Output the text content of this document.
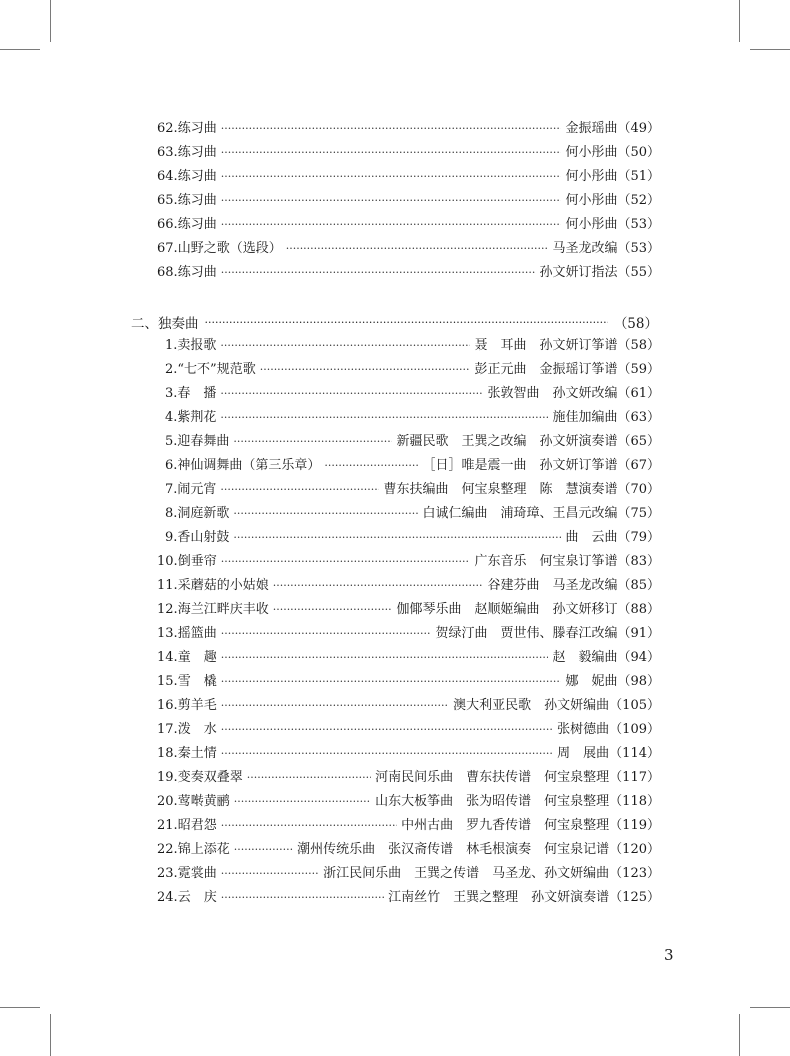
62. 练习曲 ·····	金振瑶曲 （49）
63. 练习曲 ·····	何小彤曲 （50）
64. 练习曲 ·····	何小彤曲 （51）
65. 练习曲 ·····	何小彤曲 （52）
66. 练习曲 ·····	何小彤曲 （53）
67. 山野之歌（选段） ·····	马圣龙改编 （53）
68. 练习曲 ·····	孙文妍订指法 （55）
二、独奏曲 ·····	（58）
1. 卖报歌 ·····	聂　耳曲　孙文妍订筝谱 （58）
2. “七不”规范歌 ·····	彭正元曲　金振瑶订筝谱 （59）
3. 春　播 ·····	张敦智曲　孙文妍改编 （61）
4. 紫荆花 ·····	施佳加编曲 （63）
5. 迎春舞曲 ·····	新疆民歌　王巽之改编　孙文妍演奏谱 （65）
6. 神仙调舞曲（第三乐章） ·····	［日］唯是震一曲　孙文妍订筝谱 （67）
7. 闹元宵 ·····	曹东扶编曲　何宝泉整理　陈　慧演奏谱 （70）
8. 洞庭新歌 ·····	白诚仁编曲　浦琦璋、王昌元改编 （75）
9. 香山射鼓 ·····	曲　云曲 （79）
10. 倒垂帘 ·····	广东音乐　何宝泉订筝谱 （83）
11. 采蘑菇的小姑娘 ·····	谷建芬曲　马圣龙改编 （85）
12. 海兰江畔庆丰收 ·····	伽倻琴乐曲　赵顺姬编曲　孙文妍移订 （88）
13. 摇篮曲 ·····	贺绿汀曲　贾世伟、滕春江改编 （91）
14. 童　趣 ·····	赵　毅编曲 （94）
15. 雪　橇 ·····	娜　妮曲 （98）
16. 剪羊毛 ·····	澳大利亚民歌　孙文妍编曲 （105）
17. 泼　水 ·····	张树德曲 （109）
18. 秦土情 ·····	周　展曲 （114）
19. 变奏双叠翠 ·····	河南民间乐曲　曹东扶传谱　何宝泉整理 （117）
20. 莺啭黄鹂 ·····	山东大板筝曲　张为昭传谱　何宝泉整理 （118）
21. 昭君怨 ·····	中州古曲　罗九香传谱　何宝泉整理 （119）
22. 锦上添花 ·····	潮州传统乐曲　张汉斋传谱　林毛根演奏　何宝泉记谱 （120）
23. 霓裳曲 ·····	浙江民间乐曲　王巽之传谱　马圣龙、孙文妍编曲 （123）
24. 云　庆 ·····	江南丝竹　王巽之整理　孙文妍演奏谱 （125）
3
